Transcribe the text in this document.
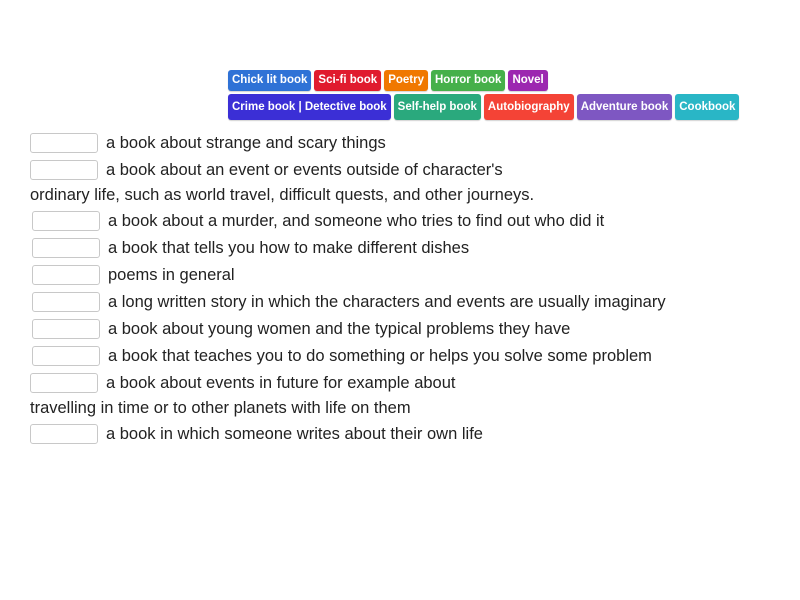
Chick lit book Sci-fi book Poetry Horror book Novel
Crime book | Detective book Self-help book Autobiography Adventure book Cookbook
a book about strange and scary things
a book about an event or events outside of character's
ordinary life, such as world travel, difficult quests, and other journeys.
a book about a murder, and someone who tries to find out who did it
a book that tells you how to make different dishes
poems in general
a long written story in which the characters and events are usually imaginary
a book about young women and the typical problems they have
a book that teaches you to do something or helps you solve some problem
a book about events in future for example about
travelling in time or to other planets with life on them
a book in which someone writes about their own life
